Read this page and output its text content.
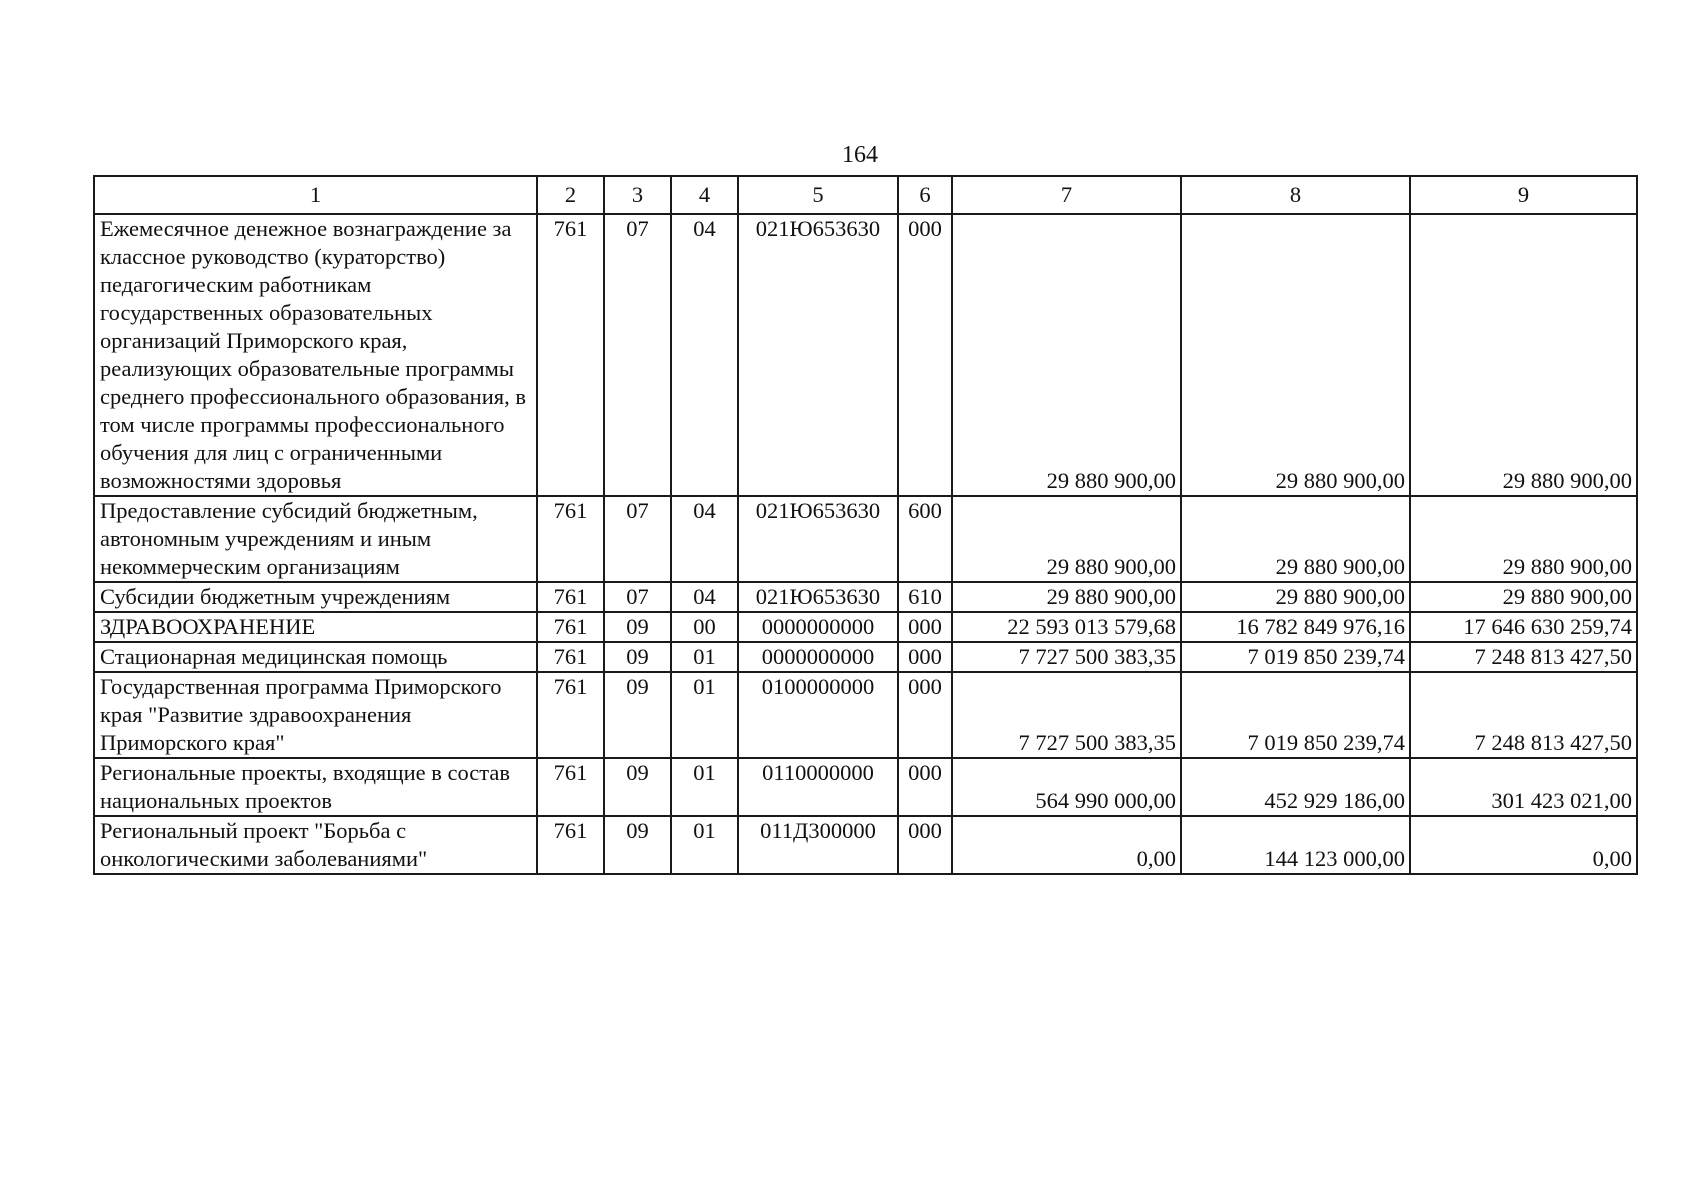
164
1	2	3	4	5	6	7	8	9
Ежемесячное денежное вознаграждение за классное руководство (кураторство) педагогическим работникам государственных образовательных организаций Приморского края, реализующих образовательные программы среднего профессионального образования, в том числе программы профессионального обучения для лиц с ограниченными возможностями здоровья	761	07	04	021Ю653630	000	29 880 900,00	29 880 900,00	29 880 900,00
Предоставление субсидий бюджетным, автономным учреждениям и иным некоммерческим организациям	761	07	04	021Ю653630	600	29 880 900,00	29 880 900,00	29 880 900,00
Субсидии бюджетным учреждениям	761	07	04	021Ю653630	610	29 880 900,00	29 880 900,00	29 880 900,00
ЗДРАВООХРАНЕНИЕ	761	09	00	0000000000	000	22 593 013 579,68	16 782 849 976,16	17 646 630 259,74
Стационарная медицинская помощь	761	09	01	0000000000	000	7 727 500 383,35	7 019 850 239,74	7 248 813 427,50
Государственная программа Приморского края "Развитие здравоохранения Приморского края"	761	09	01	0100000000	000	7 727 500 383,35	7 019 850 239,74	7 248 813 427,50
Региональные проекты, входящие в состав национальных проектов	761	09	01	0110000000	000	564 990 000,00	452 929 186,00	301 423 021,00
Региональный проект "Борьба с онкологическими заболеваниями"	761	09	01	011Д300000	000	0,00	144 123 000,00	0,00
